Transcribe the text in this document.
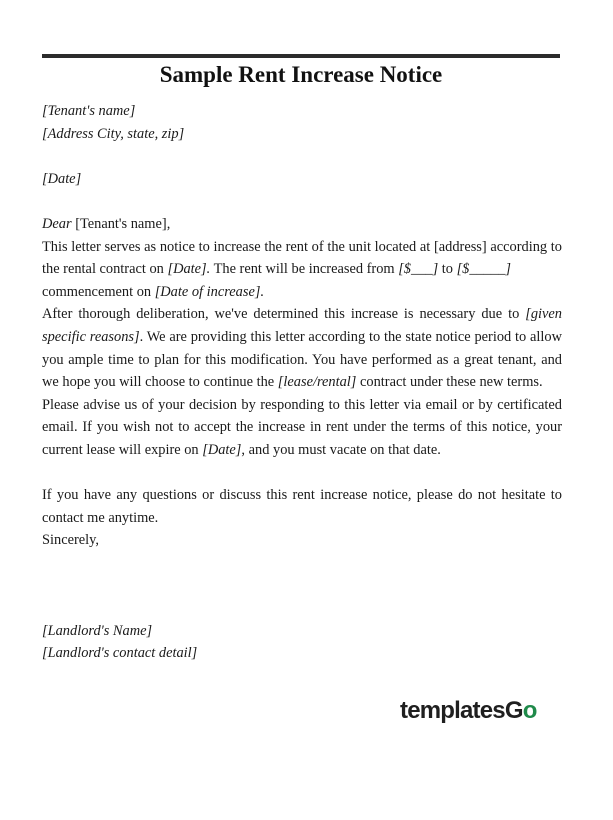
Sample Rent Increase Notice

[Tenant's name]

[Address City, state, zip]

[Date]

Dear [Tenant's name],

This letter serves as notice to increase the rent of the unit located at [address] according to the rental contract on [Date]. The rent will be increased from [$___] to [$_____]
commencement on [Date of increase].

After thorough deliberation, we've determined this increase is necessary due to [given specific reasons]. We are providing this letter according to the state notice period to allow you ample time to plan for this modification. You have performed as a great tenant, and we hope you will choose to continue the [lease/rental] contract under these new terms.

Please advise us of your decision by responding to this letter via email or by certificated email. If you wish not to accept the increase in rent under the terms of this notice, your current lease will expire on [Date], and you must vacate on that date.

If you have any questions or discuss this rent increase notice, please do not hesitate to contact me anytime.

Sincerely,

[Landlord's Name]

[Landlord's contact detail]

templatesGo
